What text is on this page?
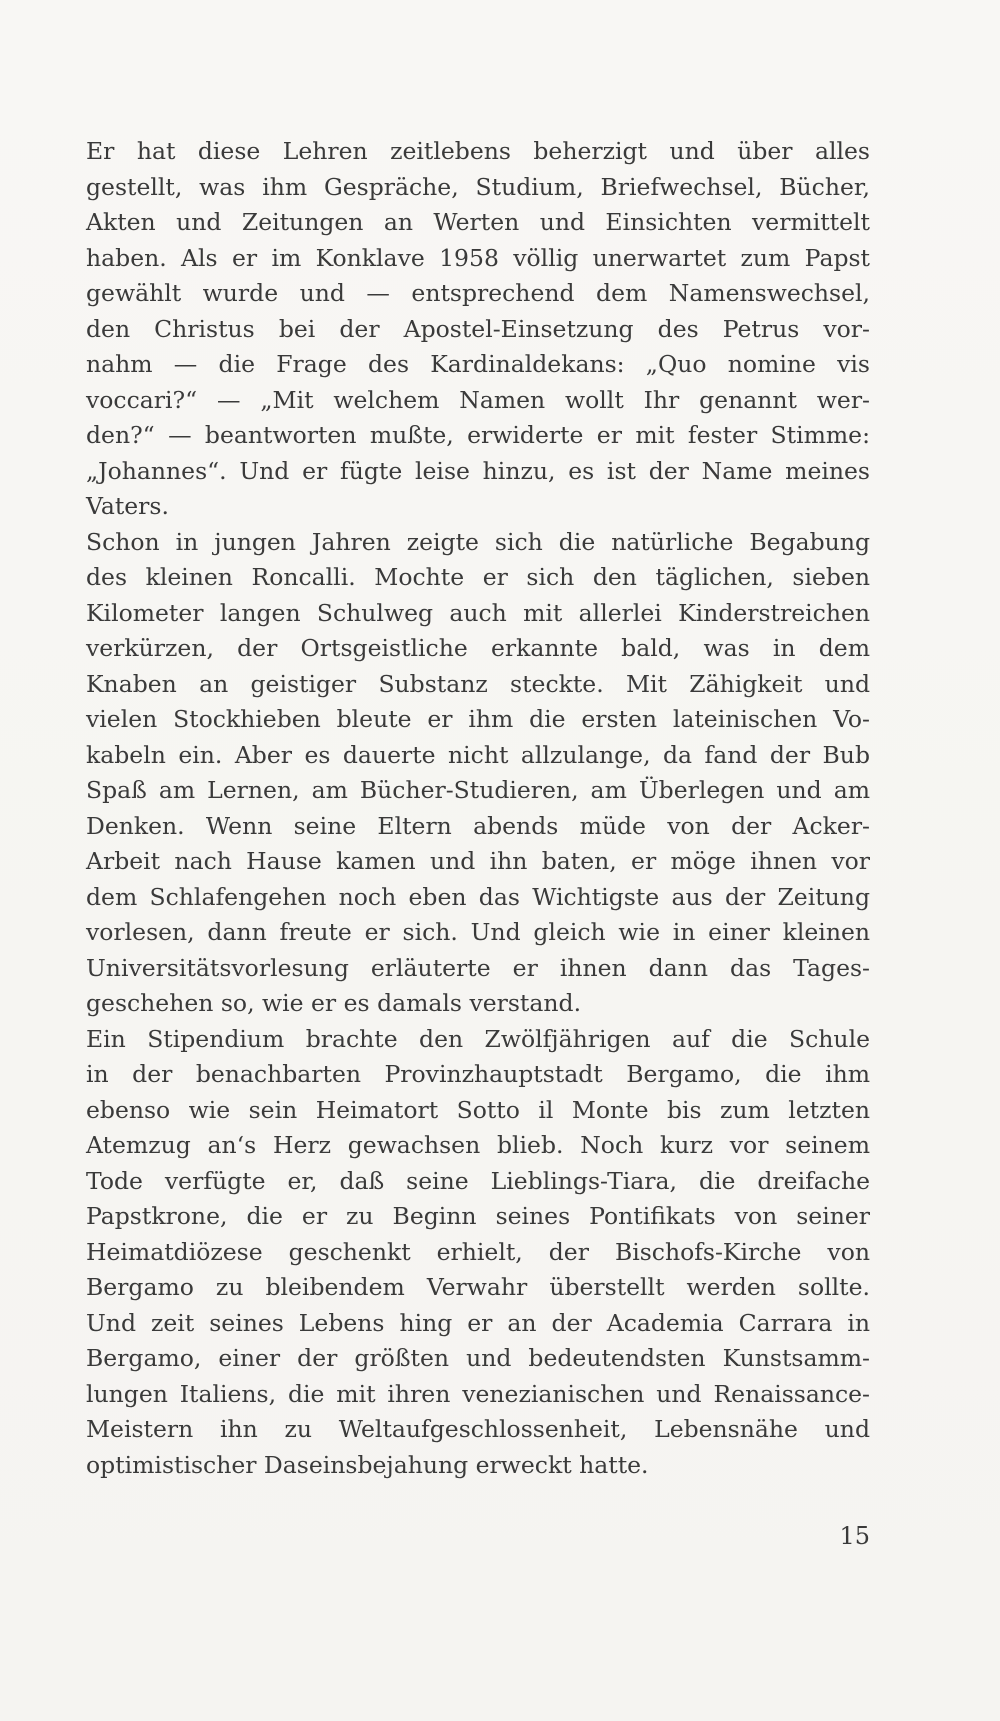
Er hat diese Lehren zeitlebens beherzigt und über alles
gestellt, was ihm Gespräche, Studium, Briefwechsel, Bücher,
Akten und Zeitungen an Werten und Einsichten vermittelt
haben. Als er im Konklave 1958 völlig unerwartet zum Papst
gewählt wurde und — entsprechend dem Namenswechsel,
den Christus bei der Apostel-Einsetzung des Petrus vor-
nahm — die Frage des Kardinaldekans: „Quo nomine vis
voccari?“ — „Mit welchem Namen wollt Ihr genannt wer-
den?“ — beantworten mußte, erwiderte er mit fester Stimme:
„Johannes“. Und er fügte leise hinzu, es ist der Name meines
Vaters.
Schon in jungen Jahren zeigte sich die natürliche Begabung
des kleinen Roncalli. Mochte er sich den täglichen, sieben
Kilometer langen Schulweg auch mit allerlei Kinderstreichen
verkürzen, der Ortsgeistliche erkannte bald, was in dem
Knaben an geistiger Substanz steckte. Mit Zähigkeit und
vielen Stockhieben bleute er ihm die ersten lateinischen Vo-
kabeln ein. Aber es dauerte nicht allzulange, da fand der Bub
Spaß am Lernen, am Bücher-Studieren, am Überlegen und am
Denken. Wenn seine Eltern abends müde von der Acker-
Arbeit nach Hause kamen und ihn baten, er möge ihnen vor
dem Schlafengehen noch eben das Wichtigste aus der Zeitung
vorlesen, dann freute er sich. Und gleich wie in einer kleinen
Universitätsvorlesung erläuterte er ihnen dann das Tages-
geschehen so, wie er es damals verstand.
Ein Stipendium brachte den Zwölfjährigen auf die Schule
in der benachbarten Provinzhauptstadt Bergamo, die ihm
ebenso wie sein Heimatort Sotto il Monte bis zum letzten
Atemzug an‘s Herz gewachsen blieb. Noch kurz vor seinem
Tode verfügte er, daß seine Lieblings-Tiara, die dreifache
Papstkrone, die er zu Beginn seines Pontifikats von seiner
Heimatdiözese geschenkt erhielt, der Bischofs-Kirche von
Bergamo zu bleibendem Verwahr überstellt werden sollte.
Und zeit seines Lebens hing er an der Academia Carrara in
Bergamo, einer der größten und bedeutendsten Kunstsamm-
lungen Italiens, die mit ihren venezianischen und Renaissance-
Meistern ihn zu Weltaufgeschlossenheit, Lebensnähe und
optimistischer Daseinsbejahung erweckt hatte.
15
